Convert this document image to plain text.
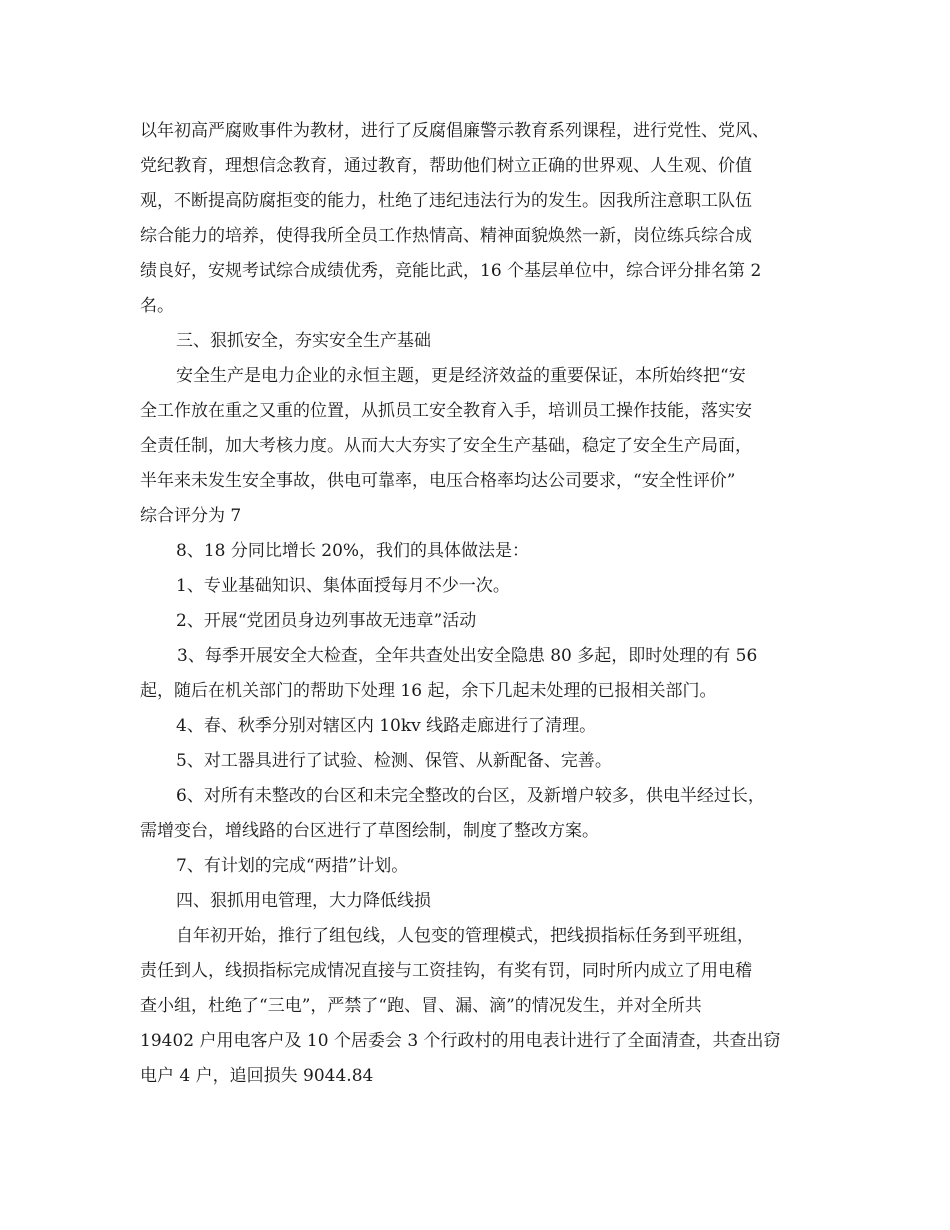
以年初高严腐败事件为教材，进行了反腐倡廉警示教育系列课程，进行党性、党风、
党纪教育，理想信念教育，通过教育，帮助他们树立正确的世界观、人生观、价值
观，不断提高防腐拒变的能力，杜绝了违纪违法行为的发生。因我所注意职工队伍
综合能力的培养，使得我所全员工作热情高、精神面貌焕然一新，岗位练兵综合成
绩良好，安规考试综合成绩优秀，竞能比武，16 个基层单位中，综合评分排名第 2
名。
三、狠抓安全，夯实安全生产基础
安全生产是电力企业的永恒主题，更是经济效益的重要保证，本所始终把“安
全工作放在重之又重的位置，从抓员工安全教育入手，培训员工操作技能，落实安
全责任制，加大考核力度。从而大大夯实了安全生产基础，稳定了安全生产局面，
半年来未发生安全事故，供电可靠率，电压合格率均达公司要求，“安全性评价”
综合评分为 7
8、18 分同比增长 20%，我们的具体做法是：
1、专业基础知识、集体面授每月不少一次。
2、开展“党团员身边列事故无违章”活动
3、每季开展安全大检查，全年共查处出安全隐患 80 多起，即时处理的有 56
起，随后在机关部门的帮助下处理 16 起，余下几起未处理的已报相关部门。
4、春、秋季分别对辖区内 10kv 线路走廊进行了清理。
5、对工器具进行了试验、检测、保管、从新配备、完善。
6、对所有未整改的台区和未完全整改的台区，及新增户较多，供电半经过长，
需增变台，增线路的台区进行了草图绘制，制度了整改方案。
7、有计划的完成“两措”计划。
四、狠抓用电管理，大力降低线损
自年初开始，推行了组包线，人包变的管理模式，把线损指标任务到平班组，
责任到人，线损指标完成情况直接与工资挂钩，有奖有罚，同时所内成立了用电稽
查小组，杜绝了“三电”，严禁了“跑、冒、漏、滴”的情况发生，并对全所共
19402 户用电客户及 10 个居委会 3 个行政村的用电表计进行了全面清查，共查出窃
电户 4 户，追回损失 9044.84
